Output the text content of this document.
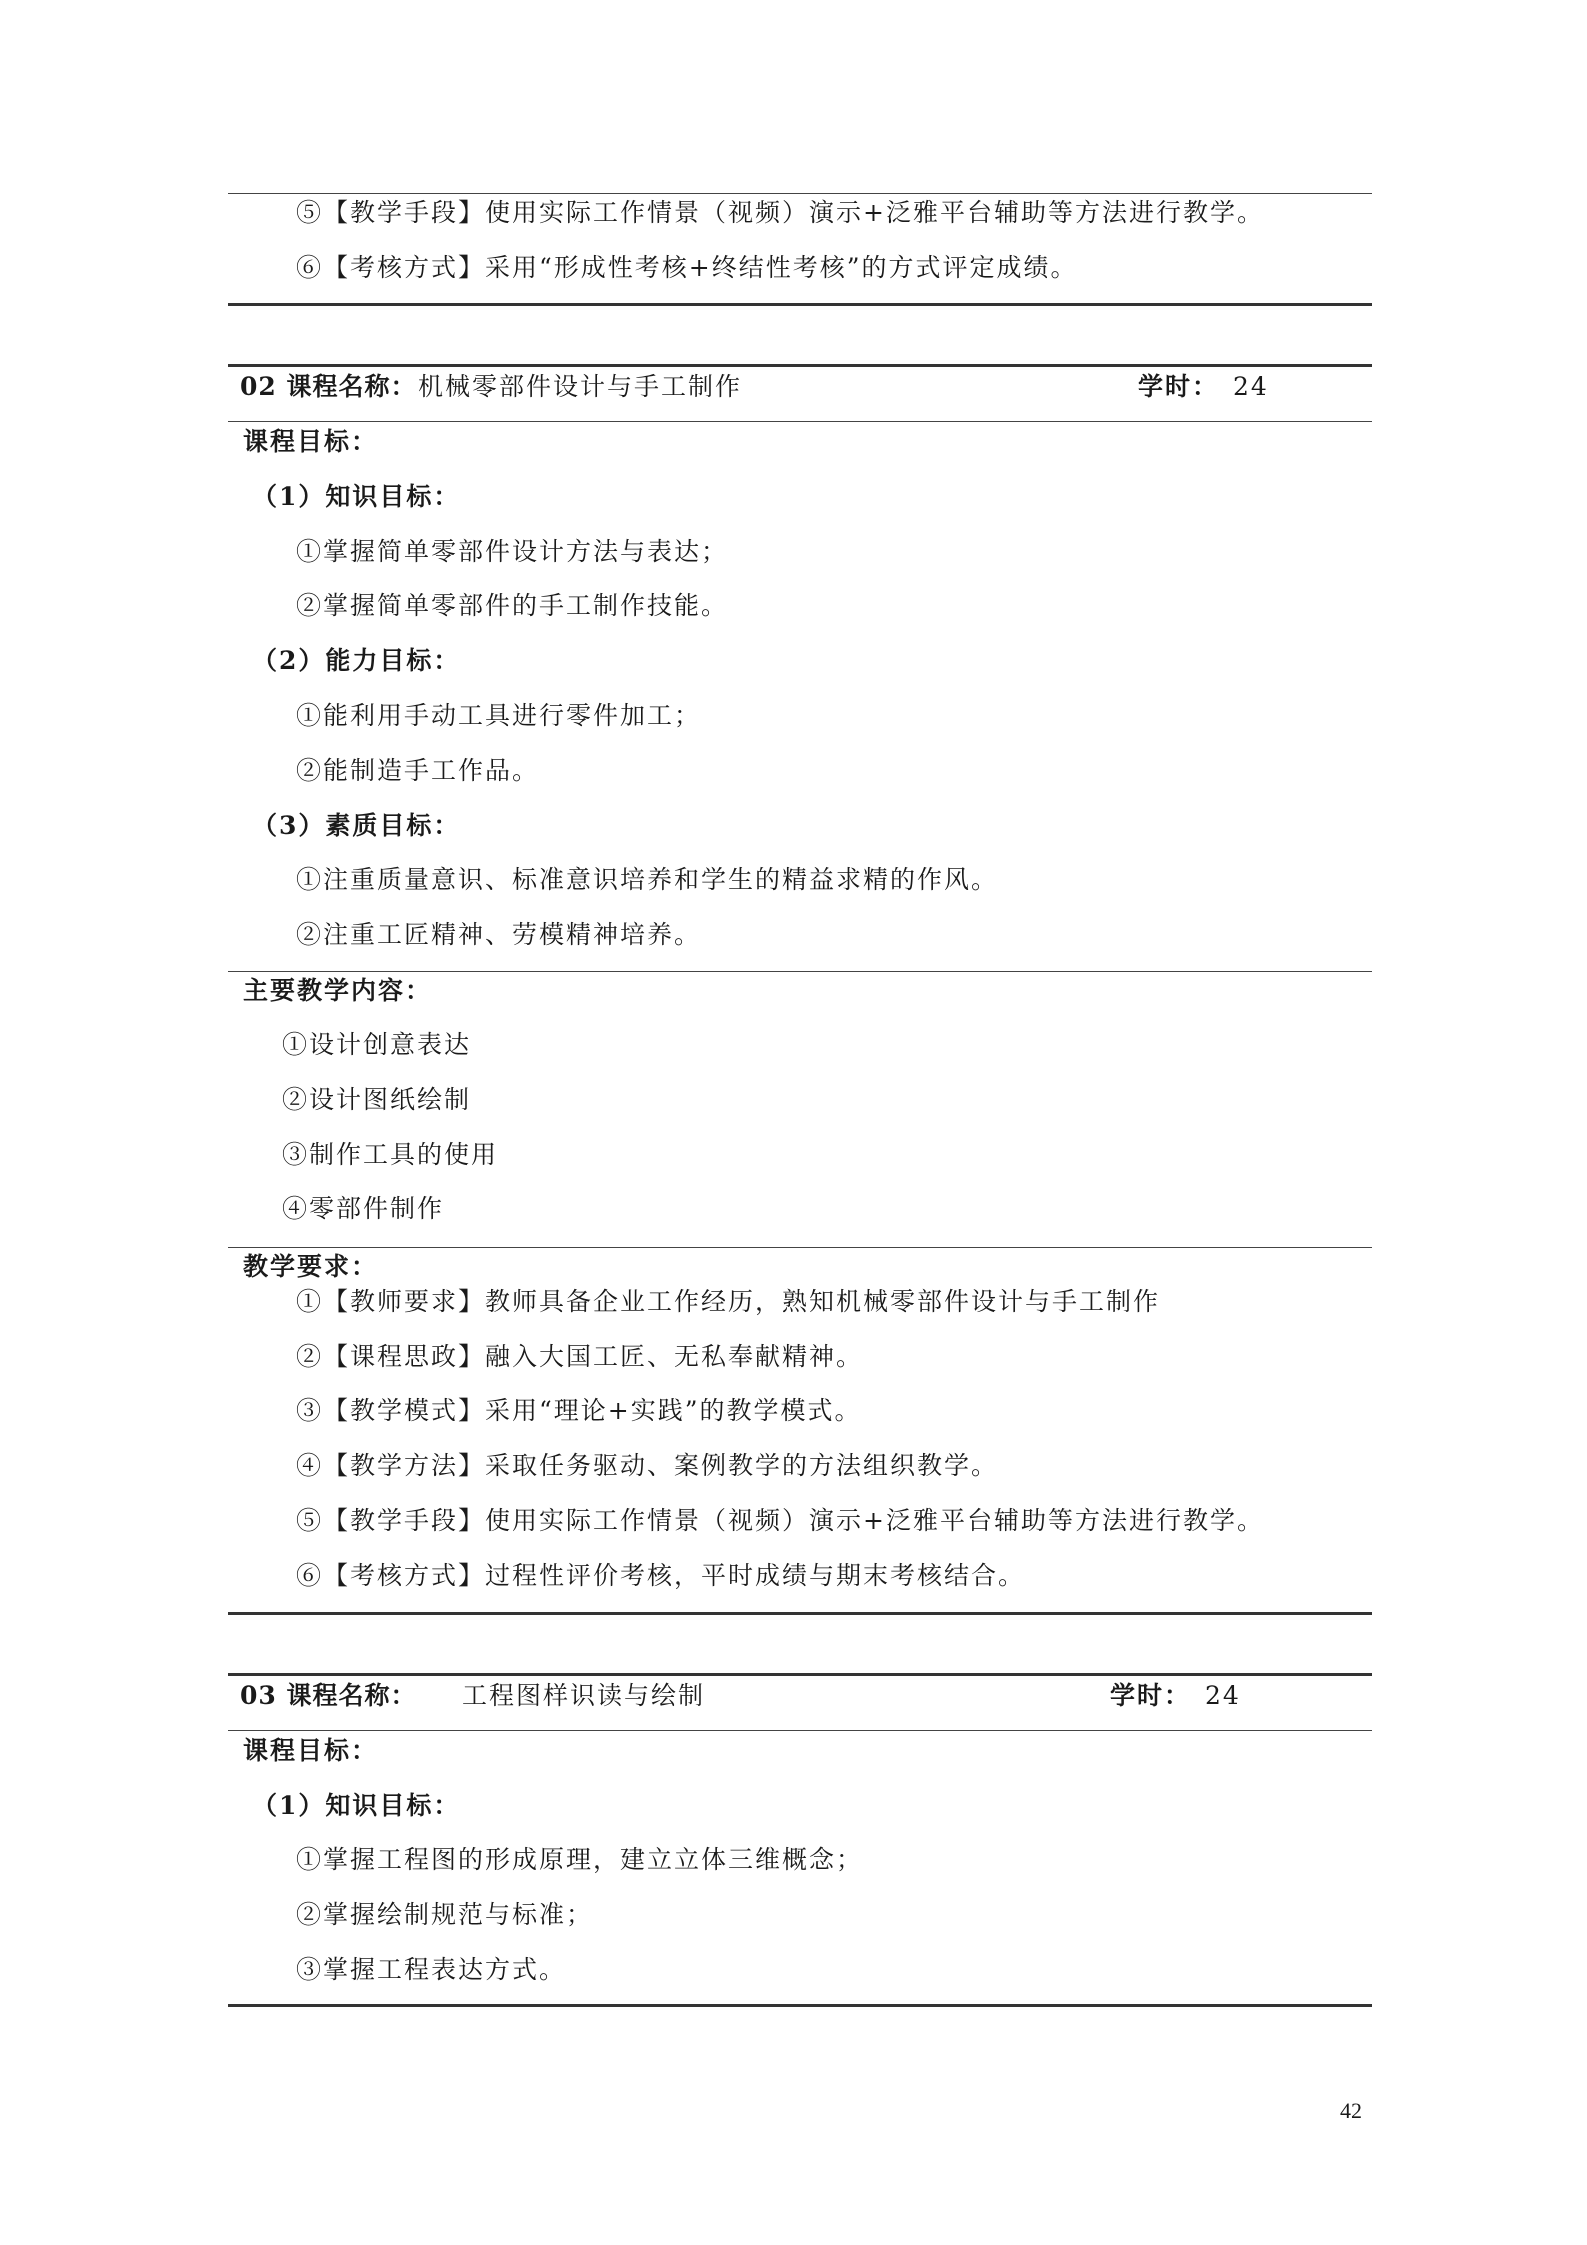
⑤【教学手段】使用实际工作情景（视频）演示+泛雅平台辅助等方法进行教学。
⑥【考核方式】采用“形成性考核+终结性考核”的方式评定成绩。
02 课程名称： 机械零部件设计与手工制作	学时： 24
课程目标：
（1）知识目标：
①掌握简单零部件设计方法与表达；
②掌握简单零部件的手工制作技能。
（2）能力目标：
①能利用手动工具进行零件加工；
②能制造手工作品。
（3）素质目标：
①注重质量意识、标准意识培养和学生的精益求精的作风。
②注重工匠精神、劳模精神培养。
主要教学内容：
①设计创意表达
②设计图纸绘制
③制作工具的使用
④零部件制作
教学要求：
①【教师要求】教师具备企业工作经历，熟知机械零部件设计与手工制作
②【课程思政】融入大国工匠、无私奉献精神。
③【教学模式】采用“理论+实践”的教学模式。
④【教学方法】采取任务驱动、案例教学的方法组织教学。
⑤【教学手段】使用实际工作情景（视频）演示+泛雅平台辅助等方法进行教学。
⑥【考核方式】过程性评价考核，平时成绩与期末考核结合。
03 课程名称： 工程图样识读与绘制	学时： 24
课程目标：
（1）知识目标：
①掌握工程图的形成原理，建立立体三维概念；
②掌握绘制规范与标准；
③掌握工程表达方式。
42
